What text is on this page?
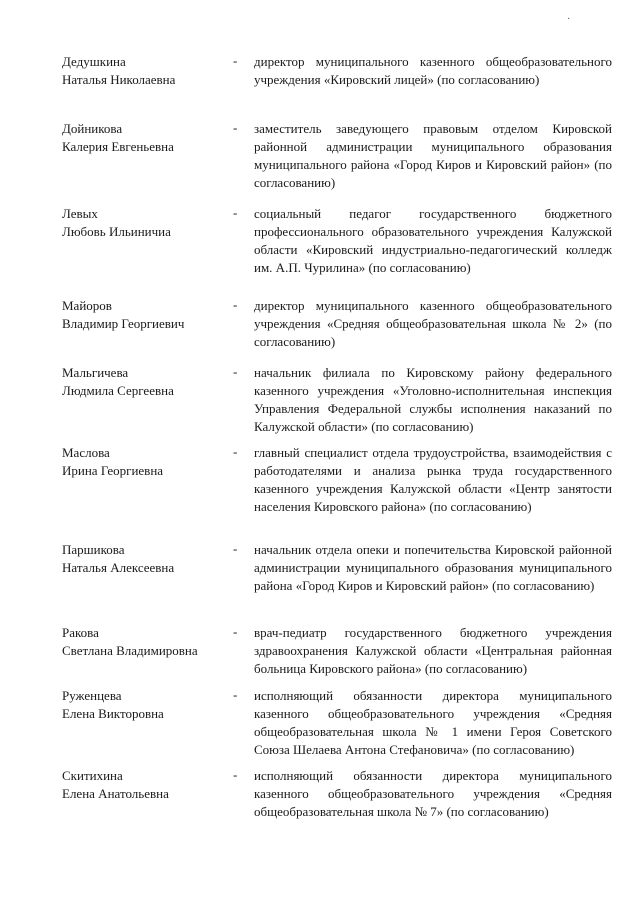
·
Дедушкина
Наталья Николаевна
- директор муниципального казенного общеобразовательного учреждения «Кировский лицей» (по согласованию)
Дойникова
Калерия Евгеньевна
- заместитель заведующего правовым отделом Кировской районной администрации муниципального образования муниципального района «Город Киров и Кировский район» (по согласованию)
Левых
Любовь Ильиничиа
- социальный педагог государственного бюджетного профессионального образовательного учреждения Калужской области «Кировский индустриально-педагогический колледж им. А.П. Чурилина» (по согласованию)
Майоров
Владимир Георгиевич
- директор муниципального казенного общеобразовательного учреждения «Средняя общеобразовательная школа № 2» (по согласованию)
Мальгичева
Людмила Сергеевна
- начальник филиала по Кировскому району федерального казенного учреждения «Уголовно-исполнительная инспекция Управления Федеральной службы исполнения наказаний по Калужской области» (по согласованию)
Маслова
Ирина Георгиевна
- главный специалист отдела трудоустройства, взаимодействия с работодателями и анализа рынка труда государственного казенного учреждения Калужской области «Центр занятости населения Кировского района» (по согласованию)
Паршикова
Наталья Алексеевна
- начальник отдела опеки и попечительства Кировской районной администрации муниципального образования муниципального района «Город Киров и Кировский район» (по согласованию)
Ракова
Светлана Владимировна
- врач-педиатр государственного бюджетного учреждения здравоохранения Калужской области «Центральная районная больница Кировского района» (по согласованию)
Руженцева
Елена Викторовна
- исполняющий обязанности директора муниципального казенного общеобразовательного учреждения «Средняя общеобразовательная школа № 1 имени Героя Советского Союза Шелаева Антона Стефановича» (по согласованию)
Скитихина
Елена Анатольевна
- исполняющий обязанности директора муниципального казенного общеобразовательного учреждения «Средняя общеобразовательная школа № 7» (по согласованию)
